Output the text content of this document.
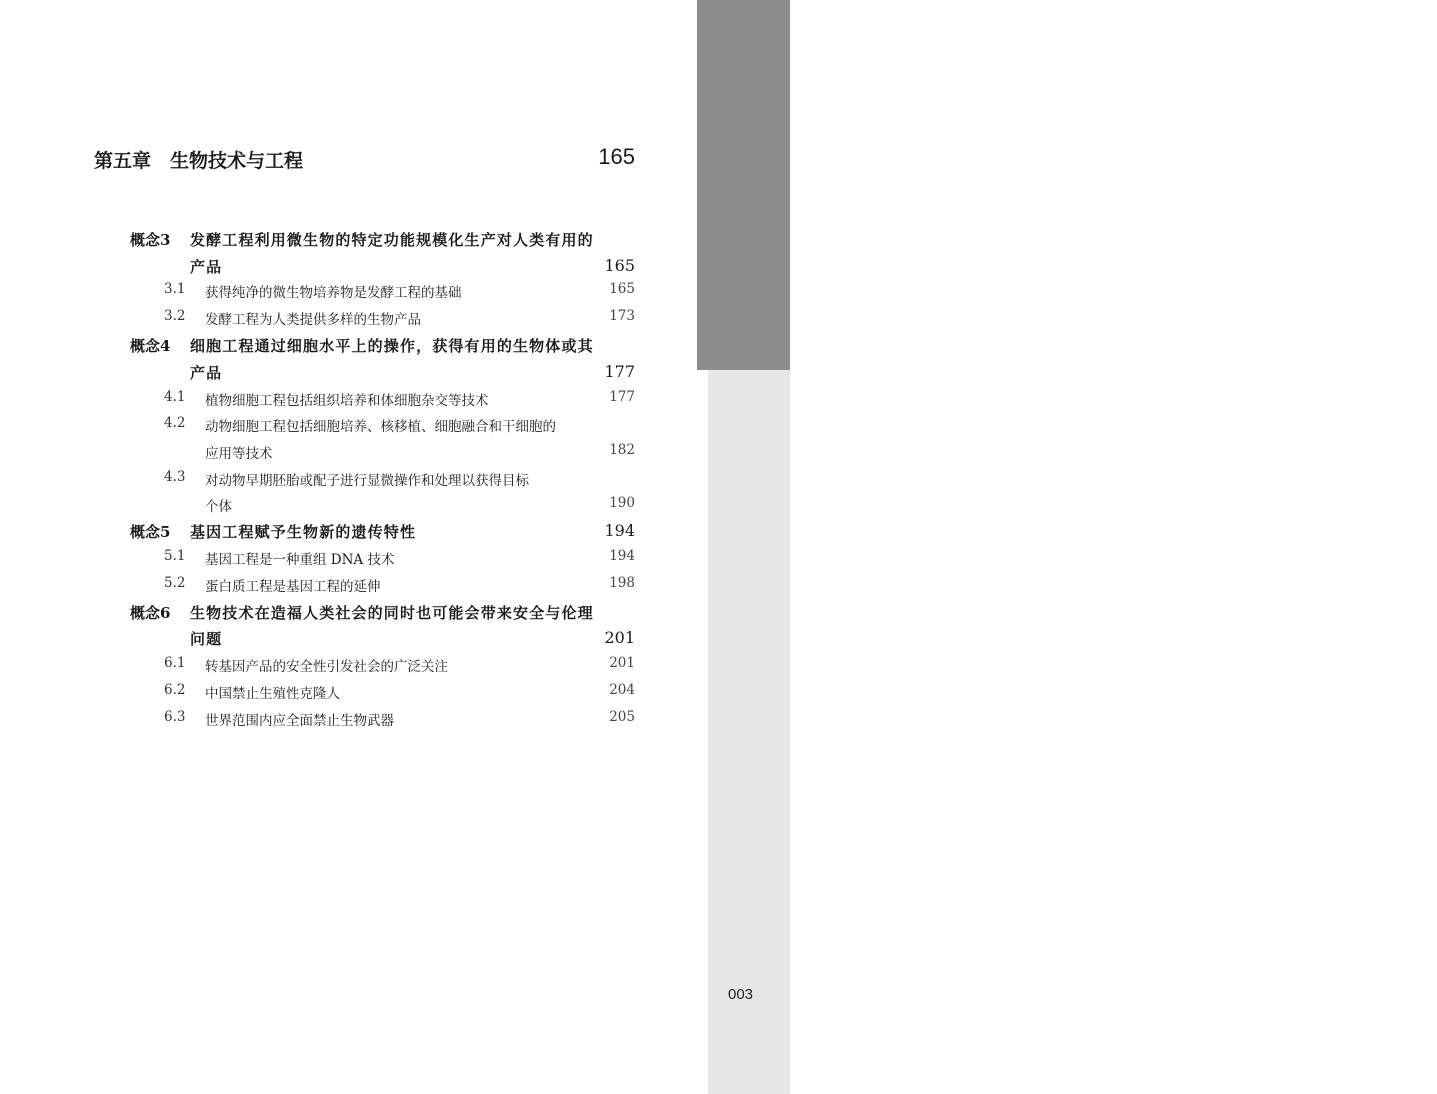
目
录
第五章　生物技术与工程	165
概念3 发酵工程利用微生物的特定功能规模化生产对人类有用的
产品	165
3.1 获得纯净的微生物培养物是发酵工程的基础	165
3.2 发酵工程为人类提供多样的生物产品	173
概念4 细胞工程通过细胞水平上的操作，获得有用的生物体或其
产品	177
4.1 植物细胞工程包括组织培养和体细胞杂交等技术	177
4.2 动物细胞工程包括细胞培养、核移植、细胞融合和干细胞的
应用等技术	182
4.3 对动物早期胚胎或配子进行显微操作和处理以获得目标
个体	190
概念5 基因工程赋予生物新的遗传特性	194
5.1 基因工程是一种重组 DNA 技术	194
5.2 蛋白质工程是基因工程的延伸	198
概念6 生物技术在造福人类社会的同时也可能会带来安全与伦理
问题	201
6.1 转基因产品的安全性引发社会的广泛关注	201
6.2 中国禁止生殖性克隆人	204
6.3 世界范围内应全面禁止生物武器	205
003
